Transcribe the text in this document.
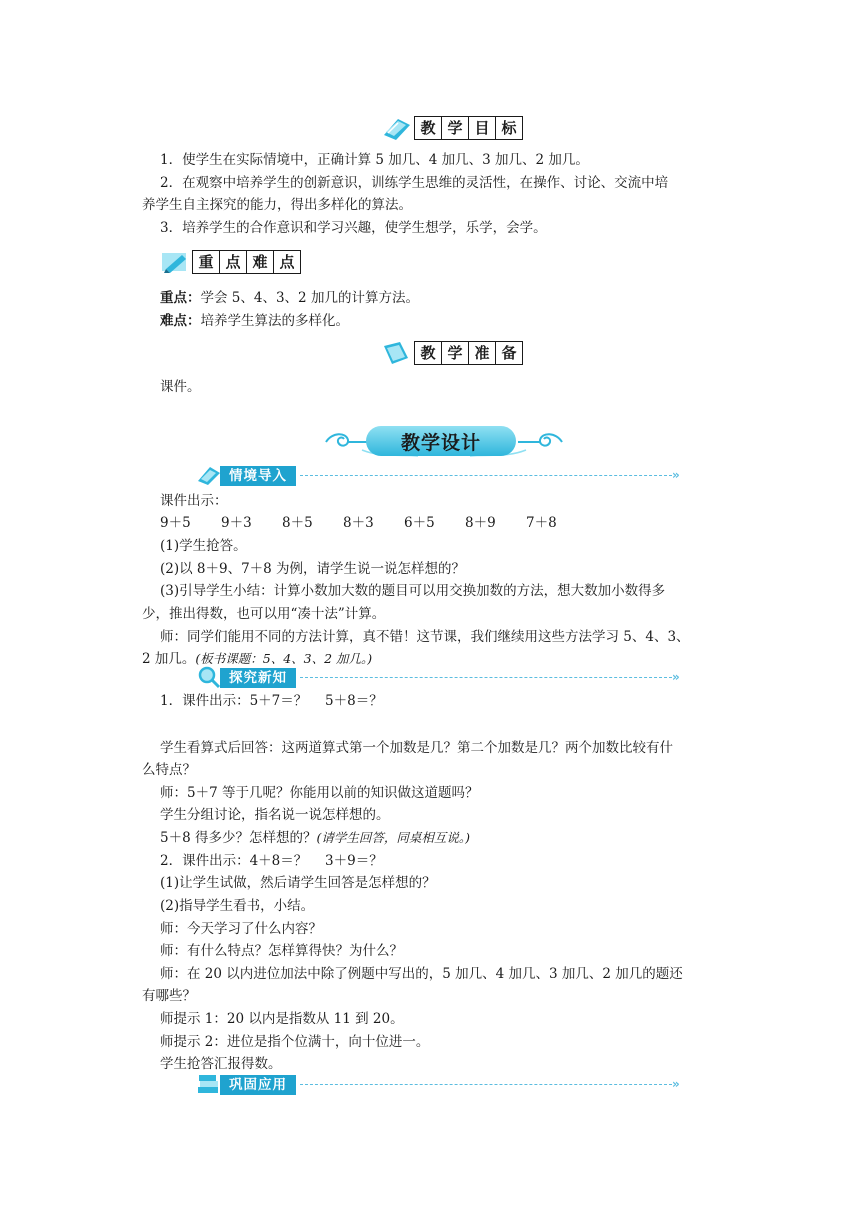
教 学 目 标
1．使学生在实际情境中，正确计算 5 加几、4 加几、3 加几、2 加几。
2．在观察中培养学生的创新意识，训练学生思维的灵活性，在操作、讨论、交流中培
养学生自主探究的能力，得出多样化的算法。
3．培养学生的合作意识和学习兴趣，使学生想学，乐学，会学。
重 点 难 点
重点：学会 5、4、3、2 加几的计算方法。
难点：培养学生算法的多样化。
教 学 准 备
课件。
教学设计
情境导入	»
课件出示：
9＋5 9＋3 8＋5 8＋3 6＋5 8＋9 7＋8
(1)学生抢答。
(2)以 8＋9、7＋8 为例，请学生说一说怎样想的？
(3)引导学生小结：计算小数加大数的题目可以用交换加数的方法，想大数加小数得多
少，推出得数，也可以用“凑十法”计算。
师：同学们能用不同的方法计算，真不错！这节课，我们继续用这些方法学习 5、4、3、
2 加几。(板书课题：5、4、3、2 加几。)
探究新知	»
1．课件出示：5＋7＝？　 5＋8＝？
学生看算式后回答：这两道算式第一个加数是几？第二个加数是几？两个加数比较有什
么特点？
师：5＋7 等于几呢？你能用以前的知识做这道题吗？
学生分组讨论，指名说一说怎样想的。
5＋8 得多少？怎样想的？(请学生回答，同桌相互说。)
2．课件出示：4＋8＝？　 3＋9＝？
(1)让学生试做，然后请学生回答是怎样想的？
(2)指导学生看书，小结。
师：今天学习了什么内容？
师：有什么特点？怎样算得快？为什么？
师：在 20 以内进位加法中除了例题中写出的，5 加几、4 加几、3 加几、2 加几的题还
有哪些？
师提示 1：20 以内是指数从 11 到 20。
师提示 2：进位是指个位满十，向十位进一。
学生抢答汇报得数。
巩固应用	»
